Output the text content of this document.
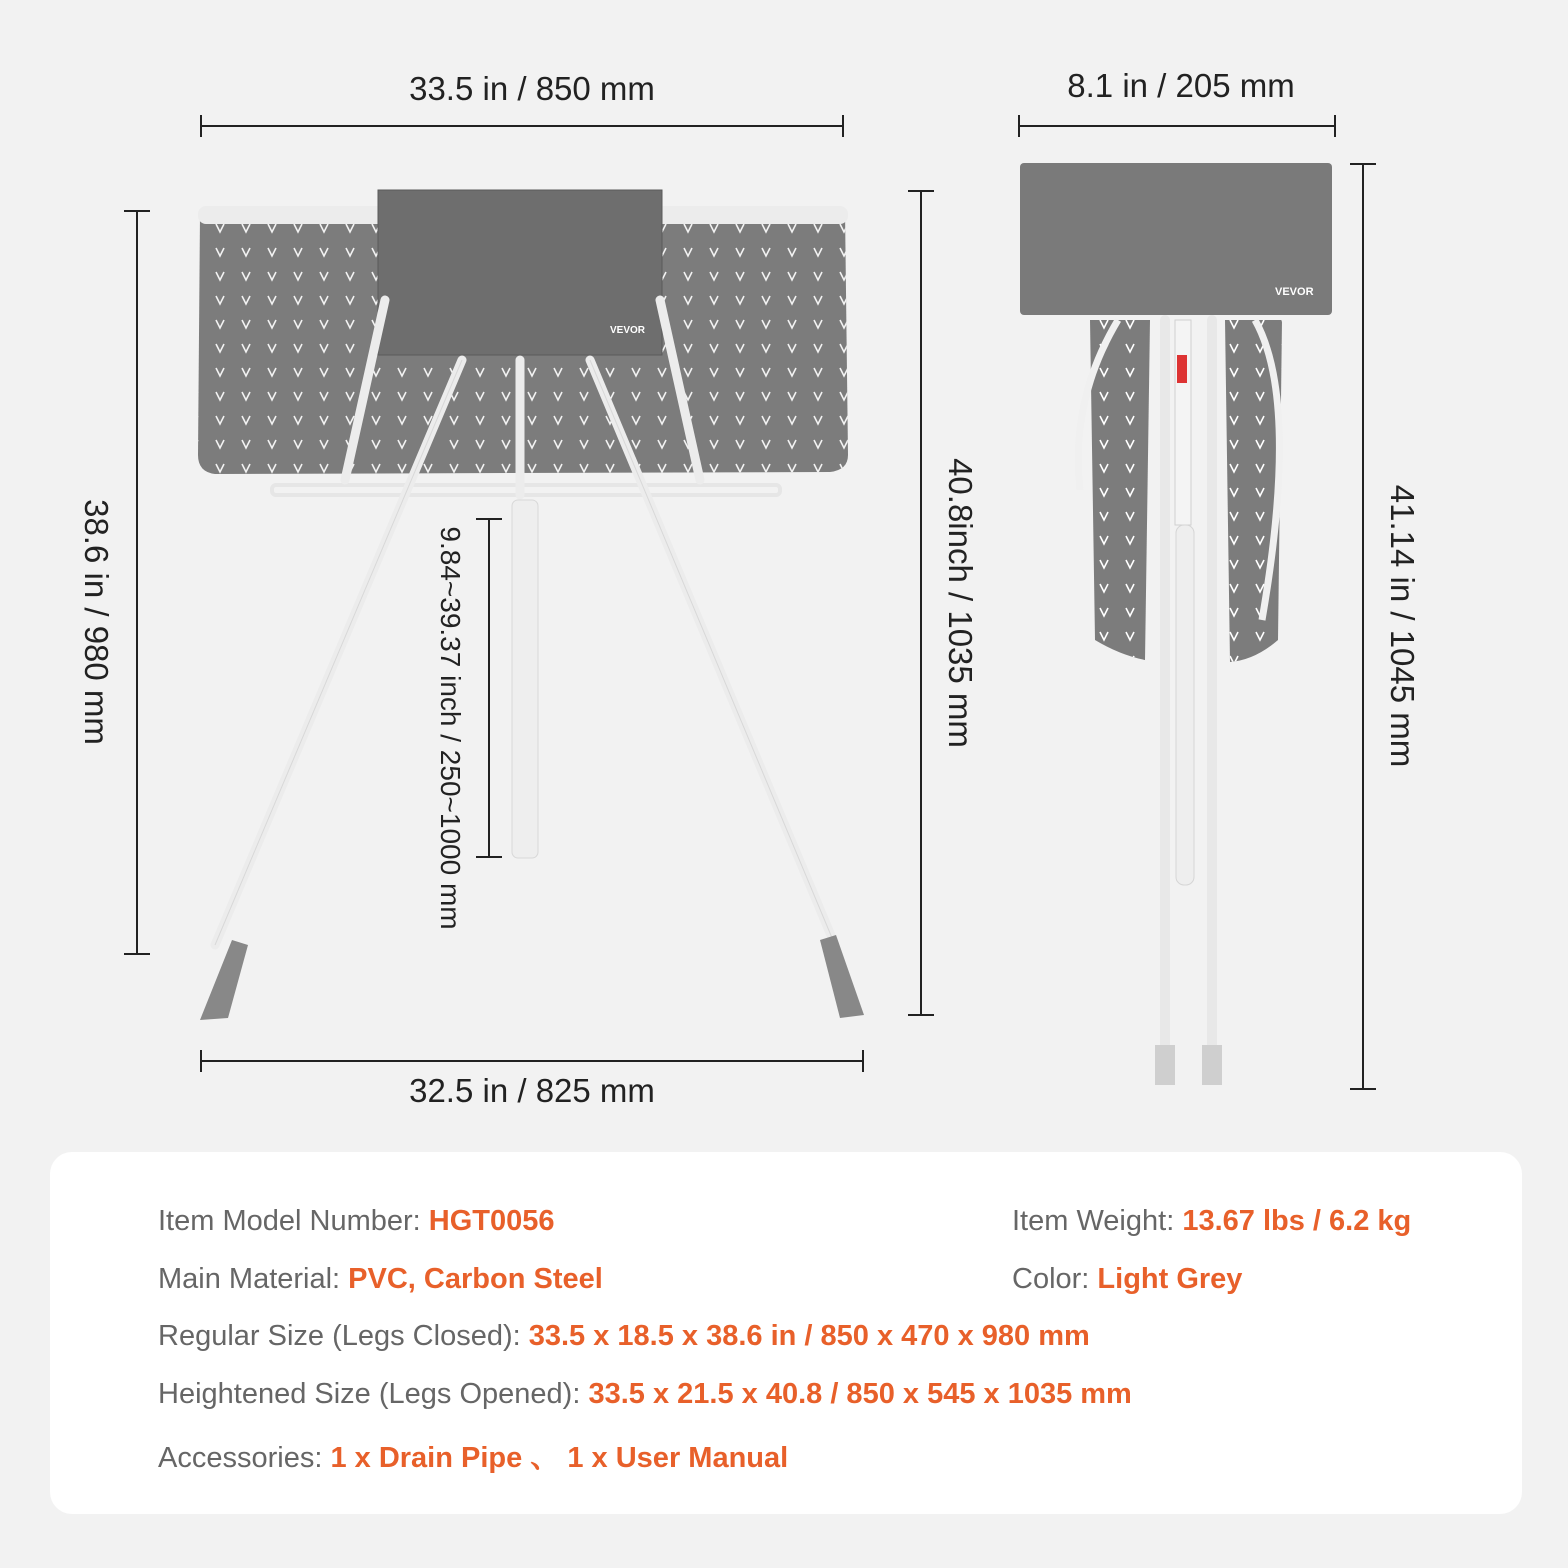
33.5 in / 850 mm
32.5 in / 825 mm
38.6 in / 980 mm	9.84~39.37 inch / 250~1000 mm	40.8inch / 1035 mm
8.1 in / 205 mm
41.14 in / 1045 mm
VEVOR
VEVOR
Item Model Number: HGT0056	Item Weight: 13.67 lbs / 6.2 kg
Main Material: PVC, Carbon Steel	Color: Light Grey
Regular Size (Legs Closed): 33.5 x 18.5 x 38.6 in / 850 x 470 x 980 mm
Heightened Size (Legs Opened): 33.5 x 21.5 x 40.8 / 850 x 545 x 1035 mm
Accessories: 1 x Drain Pipe 、 1 x User Manual
